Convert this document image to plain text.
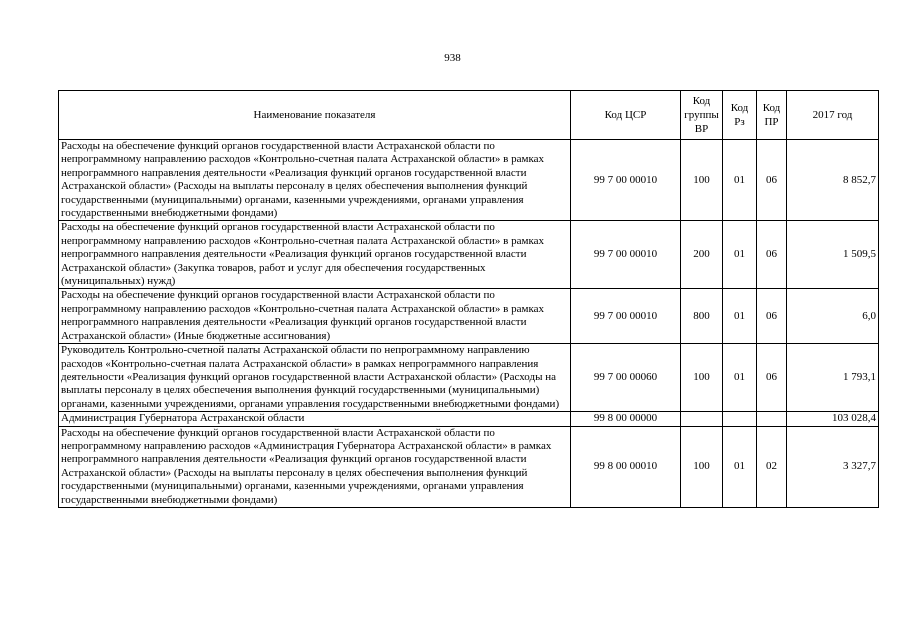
938
Наименование показателя	Код ЦСР	Код группы ВР	Код Рз	Код ПР	2017 год
Расходы на обеспечение функций органов государственной власти Астраханской области по непрограммному направлению расходов «Контрольно-счетная палата Астраханской области» в рамках непрограммного направления деятельности «Реализация функций органов государственной власти Астраханской области» (Расходы на выплаты персоналу в целях обеспечения выполнения функций государственными (муниципальными) органами, казенными учреждениями, органами управления государственными внебюджетными фондами)	99 7 00 00010	100	01	06	8 852,7
Расходы на обеспечение функций органов государственной власти Астраханской области по непрограммному направлению расходов «Контрольно-счетная палата Астраханской области» в рамках непрограммного направления деятельности «Реализация функций органов государственной власти Астраханской области» (Закупка товаров, работ и услуг для обеспечения государственных (муниципальных) нужд)	99 7 00 00010	200	01	06	1 509,5
Расходы на обеспечение функций органов государственной власти Астраханской области по непрограммному направлению расходов «Контрольно-счетная палата Астраханской области» в рамках непрограммного направления деятельности «Реализация функций органов государственной власти Астраханской области» (Иные бюджетные ассигнования)	99 7 00 00010	800	01	06	6,0
Руководитель Контрольно-счетной палаты Астраханской области по непрограммному направлению расходов «Контрольно-счетная палата Астраханской области» в рамках непрограммного направления деятельности «Реализация функций органов государственной власти Астраханской области» (Расходы на выплаты персоналу в целях обеспечения выполнения функций государственными (муниципальными) органами, казенными учреждениями, органами управления государственными внебюджетными фондами)	99 7 00 00060	100	01	06	1 793,1
Администрация Губернатора Астраханской области	99 8 00 00000				103 028,4
Расходы на обеспечение функций органов государственной власти Астраханской области по непрограммному направлению расходов «Администрация Губернатора Астраханской области» в рамках непрограммного направления деятельности «Реализация функций органов государственной власти Астраханской области» (Расходы на выплаты персоналу в целях обеспечения выполнения функций государственными (муниципальными) органами, казенными учреждениями, органами управления государственными внебюджетными фондами)	99 8 00 00010	100	01	02	3 327,7
